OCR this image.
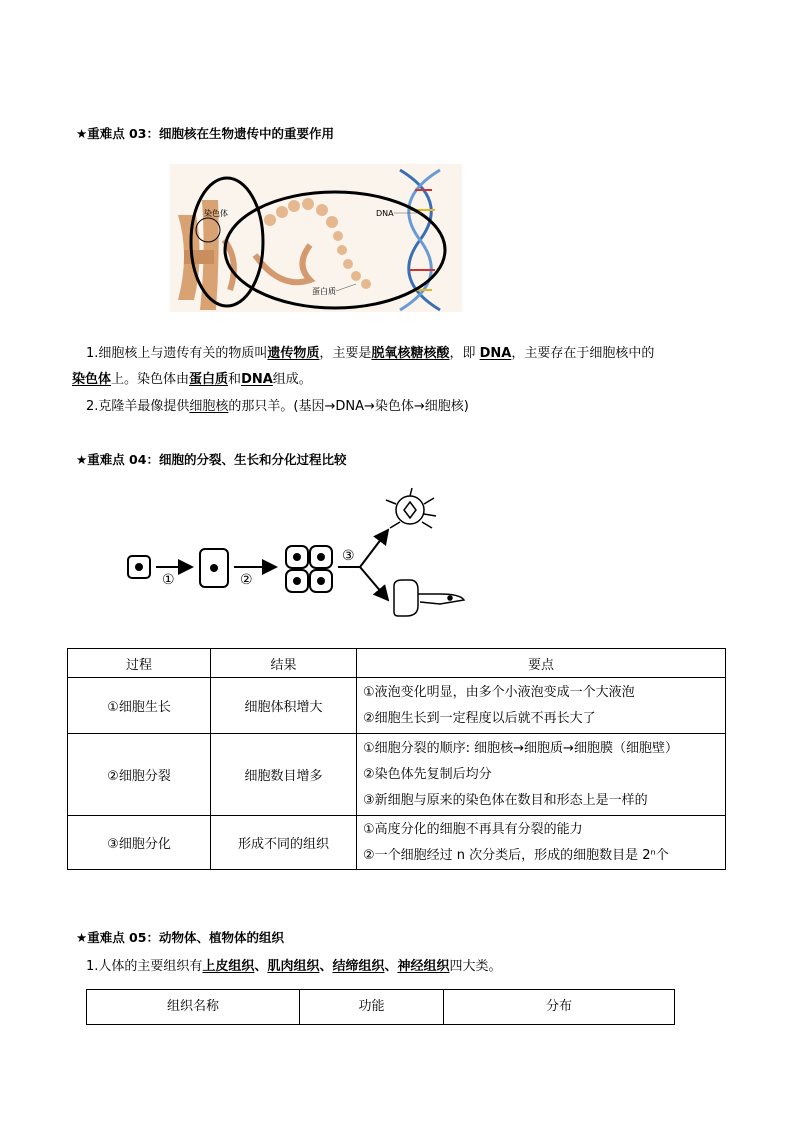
★重难点 03：细胞核在生物遗传中的重要作用
染色体	DNA
蛋白质
1.细胞核上与遗传有关的物质叫遗传物质，主要是脱氧核糖核酸，即 DNA，主要存在于细胞核中的
染色体上。染色体由蛋白质和DNA组成。
2.克隆羊最像提供细胞核的那只羊。(基因→DNA→染色体→细胞核)
★重难点 04：细胞的分裂、生长和分化过程比较
①	②
③
过程	结果	要点
①细胞生长	细胞体积增大	①液泡变化明显，由多个小液泡变成一个大液泡
②细胞生长到一定程度以后就不再长大了

②细胞分裂	细胞数目增多	①细胞分裂的顺序: 细胞核→细胞质→细胞膜（细胞壁）
②染色体先复制后均分
③新细胞与原来的染色体在数目和形态上是一样的

③细胞分化	形成不同的组织	①高度分化的细胞不再具有分裂的能力
②一个细胞经过 n 次分类后，形成的细胞数目是 2ⁿ个
★重难点 05：动物体、植物体的组织
1.人体的主要组织有上皮组织、肌肉组织、结缔组织、神经组织四大类。
组织名称	功能	分布
